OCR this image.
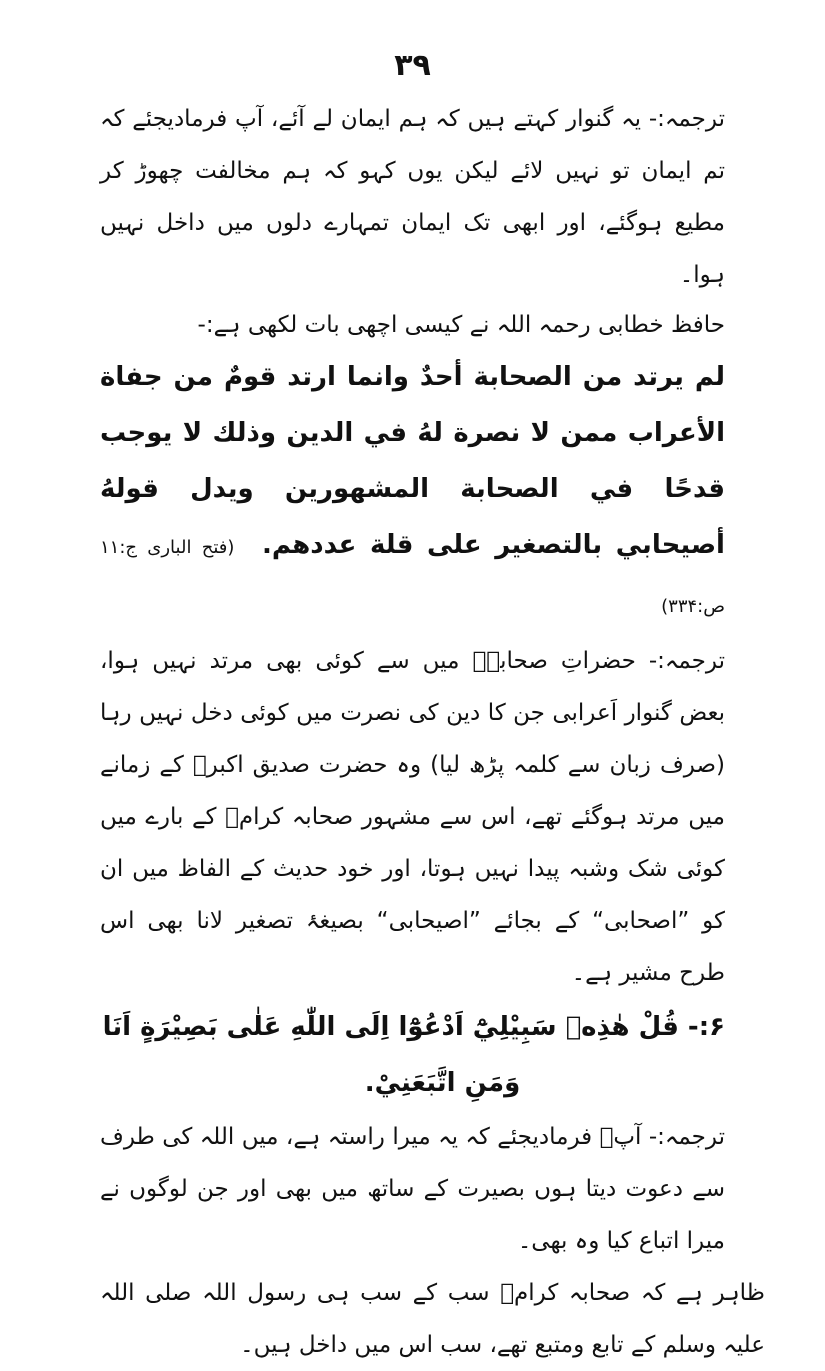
۳۹

ترجمہ:- یہ گنوار کہتے ہیں کہ ہم ایمان لے آئے، آپ فرمادیجئے کہ تم ایمان تو نہیں لائے لیکن یوں کہو کہ ہم مخالفت چھوڑ کر مطیع ہوگئے، اور ابھی تک ایمان تمہارے دلوں میں داخل نہیں ہوا۔

حافظ خطابی رحمہ اللہ نے کیسی اچھی بات لکھی ہے:-

لم يرتد من الصحابة أحدٌ وانما ارتد قومٌ من جفاة الأعراب ممن لا نصرة لهُ في الدين وذلك لا يوجب قدحًا في الصحابة المشهورين ويدل قولهُ أصيحابي بالتصغير على قلة عددهم. (فتح الباری ج:۱۱ ص:۳۳۴)

ترجمہ:- حضراتِ صحابہؓ میں سے کوئی بھی مرتد نہیں ہوا، بعض گنوار اَعرابی جن کا دین کی نصرت میں کوئی دخل نہیں رہا (صرف زبان سے کلمہ پڑھ لیا) وہ حضرت صدیق اکبرؓ کے زمانے میں مرتد ہوگئے تھے، اس سے مشہور صحابہ کرامؓ کے بارے میں کوئی شک وشبہ پیدا نہیں ہوتا، اور خود حدیث کے الفاظ میں ان کو ”اصحابی“ کے بجائے ”اصیحابی“ بصیغۂ تصغیر لانا بھی اس طرح مشیر ہے۔

۶:- قُلْ هٰذِهٖ سَبِيْلِيْٓ اَدْعُوْٓا اِلَى اللّٰهِ عَلٰى بَصِيْرَةٍ اَنَا

وَمَنِ اتَّبَعَنِيْ.

ترجمہ:- آپؐ فرمادیجئے کہ یہ میرا راستہ ہے، میں اللہ کی طرف سے دعوت دیتا ہوں بصیرت کے ساتھ میں بھی اور جن لوگوں نے میرا اتباع کیا وہ بھی۔

ظاہر ہے کہ صحابہ کرامؓ سب کے سب ہی رسول اللہ صلی اللہ علیہ وسلم کے تابع ومتبع تھے، سب اس میں داخل ہیں۔
